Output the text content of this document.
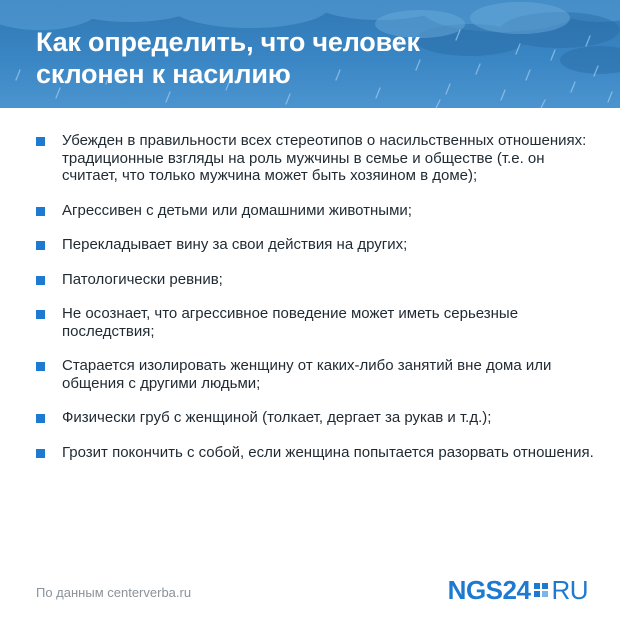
Как определить, что человек склонен к насилию
Убежден в правильности всех стереотипов о насильственных отношениях: традиционные взгляды на роль мужчины в семье и обществе (т.е. он считает, что только мужчина может быть хозяином в доме);
Агрессивен с детьми или домашними животными;
Перекладывает вину за свои действия на других;
Патологически ревнив;
Не осознает, что агрессивное поведение может иметь серьезные последствия;
Старается изолировать женщину от каких-либо занятий вне дома или общения с другими людьми;
Физически груб с женщиной (толкает, дергает за рукав и т.д.);
Грозит покончить с собой, если женщина попытается разорвать отношения.
По данным centerverba.ru	NGS24 RU
